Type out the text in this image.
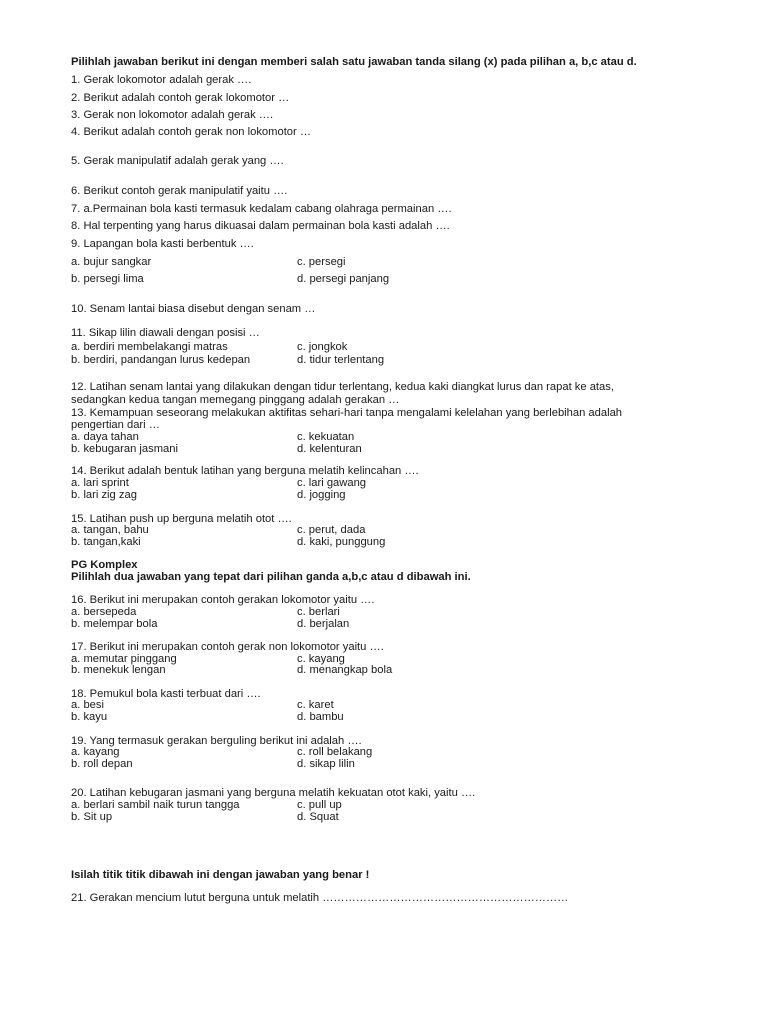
Pilihlah jawaban berikut ini dengan memberi salah satu jawaban tanda silang (x) pada pilihan a, b,c atau d.
1. Gerak lokomotor adalah gerak ….
2. Berikut adalah contoh gerak lokomotor …
3. Gerak non lokomotor adalah gerak ….
4. Berikut adalah contoh gerak non lokomotor …
5. Gerak manipulatif adalah gerak yang ….
6. Berikut contoh gerak manipulatif yaitu ….
7. a.Permainan bola kasti termasuk kedalam cabang olahraga permainan ….
8. Hal terpenting yang harus dikuasai dalam permainan bola kasti adalah ….
9. Lapangan bola kasti berbentuk ….
a. bujur sangkar	c. persegi
b. persegi lima	d. persegi panjang
10. Senam lantai biasa disebut dengan senam …
11. Sikap lilin diawali dengan posisi …
a. berdiri membelakangi matras	c. jongkok
b. berdiri, pandangan lurus kedepan	d. tidur terlentang
12. Latihan senam lantai yang dilakukan dengan tidur terlentang, kedua kaki diangkat lurus dan rapat ke atas,
sedangkan kedua tangan memegang pinggang adalah gerakan …
13. Kemampuan seseorang melakukan aktifitas sehari-hari tanpa mengalami kelelahan yang berlebihan adalah
pengertian dari …
a. daya tahan	c. kekuatan
b. kebugaran jasmani	d. kelenturan
14. Berikut adalah bentuk latihan yang berguna melatih kelincahan ….
a. lari sprint	c. lari gawang
b. lari zig zag	d. jogging
15. Latihan push up berguna melatih otot ….
a. tangan, bahu	c. perut, dada
b. tangan,kaki	d. kaki, punggung
PG Komplex
Pilihlah dua jawaban yang tepat dari pilihan ganda a,b,c atau d dibawah ini.
16. Berikut ini merupakan contoh gerakan lokomotor yaitu ….
a. bersepeda	c. berlari
b. melempar bola	d. berjalan
17. Berikut ini merupakan contoh gerak non lokomotor yaitu ….
a. memutar pinggang	c. kayang
b. menekuk lengan	d. menangkap bola
18. Pemukul bola kasti terbuat dari ….
a. besi	c. karet
b. kayu	d. bambu
19. Yang termasuk gerakan berguling berikut ini adalah ….
a. kayang	c. roll belakang
b. roll depan	d. sikap lilin
20. Latihan kebugaran jasmani yang berguna melatih kekuatan otot kaki, yaitu ….
a. berlari sambil naik turun tangga	c. pull up
b. Sit up	d. Squat
Isilah titik titik dibawah ini dengan jawaban yang benar !
21. Gerakan mencium lutut berguna untuk melatih …………………………………………………………
